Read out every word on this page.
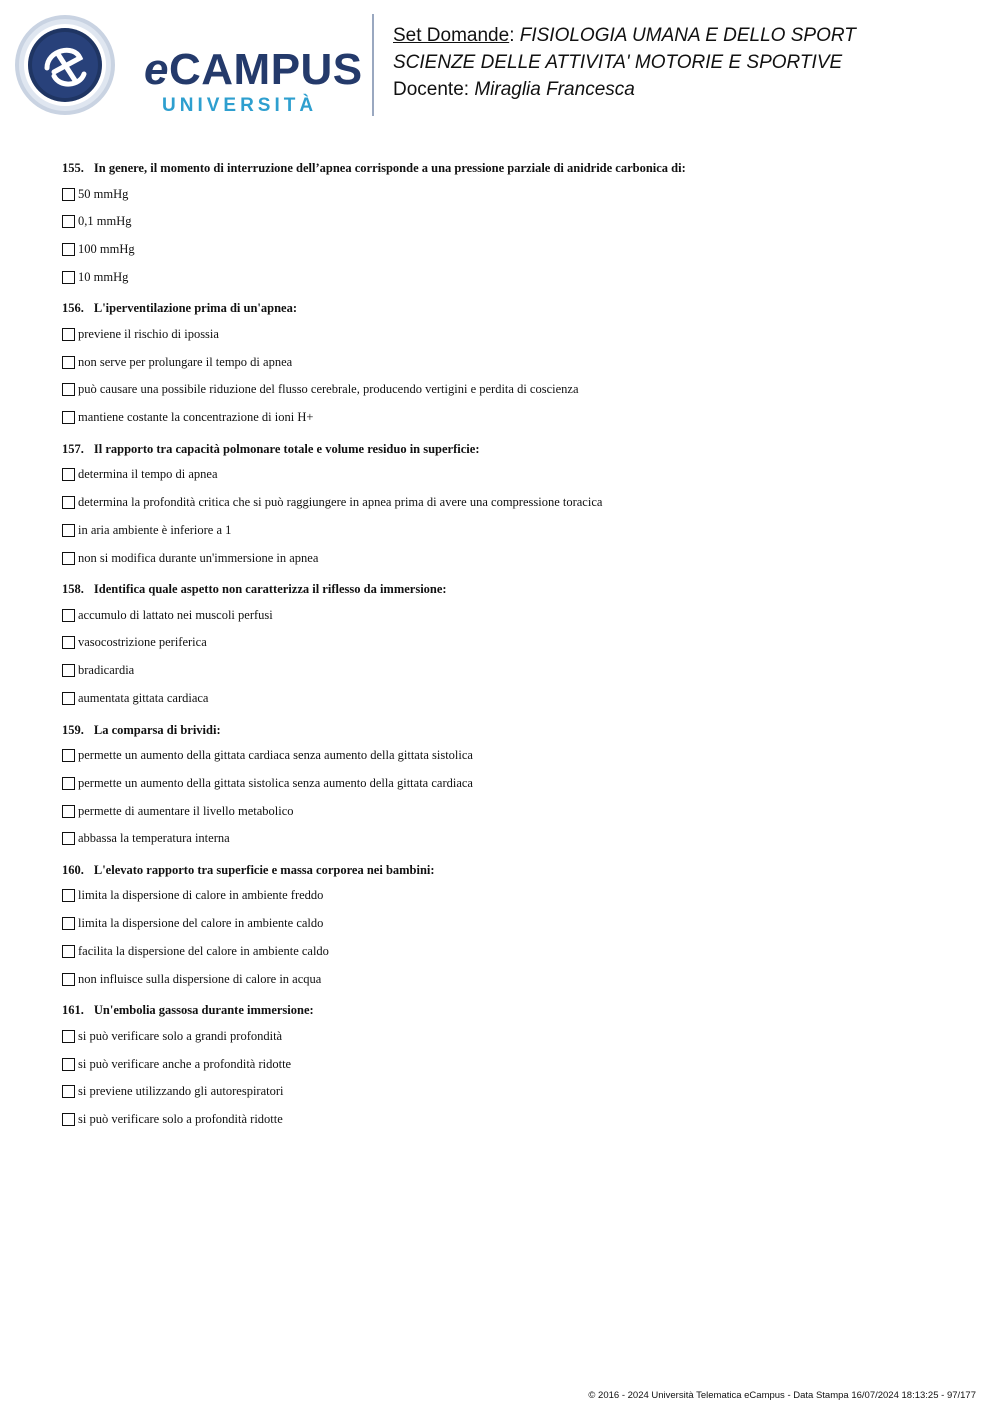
eCAMPUS
UNIVERSITÀ
Set Domande: FISIOLOGIA UMANA E DELLO SPORT
SCIENZE DELLE ATTIVITA' MOTORIE E SPORTIVE
Docente: Miraglia Francesca
155. In genere, il momento di interruzione dell’apnea corrisponde a una pressione parziale di anidride carbonica di:
50 mmHg
0,1 mmHg
100 mmHg
10 mmHg
156. L'iperventilazione prima di un'apnea:
previene il rischio di ipossia
non serve per prolungare il tempo di apnea
può causare una possibile riduzione del flusso cerebrale, producendo vertigini e perdita di coscienza
mantiene costante la concentrazione di ioni H+
157. Il rapporto tra capacità polmonare totale e volume residuo in superficie:
determina il tempo di apnea
determina la profondità critica che si può raggiungere in apnea prima di avere una compressione toracica
in aria ambiente è inferiore a 1
non si modifica durante un'immersione in apnea
158. Identifica quale aspetto non caratterizza il riflesso da immersione:
accumulo di lattato nei muscoli perfusi
vasocostrizione periferica
bradicardia
aumentata gittata cardiaca
159. La comparsa di brividi:
permette un aumento della gittata cardiaca senza aumento della gittata sistolica
permette un aumento della gittata sistolica senza aumento della gittata cardiaca
permette di aumentare il livello metabolico
abbassa la temperatura interna
160. L'elevato rapporto tra superficie e massa corporea nei bambini:
limita la dispersione di calore in ambiente freddo
limita la dispersione del calore in ambiente caldo
facilita la dispersione del calore in ambiente caldo
non influisce sulla dispersione di calore in acqua
161. Un'embolia gassosa durante immersione:
si può verificare solo a grandi profondità
si può verificare anche a profondità ridotte
si previene utilizzando gli autorespiratori
si può verificare solo a profondità ridotte
© 2016 - 2024 Università Telematica eCampus - Data Stampa 16/07/2024 18:13:25 - 97/177
